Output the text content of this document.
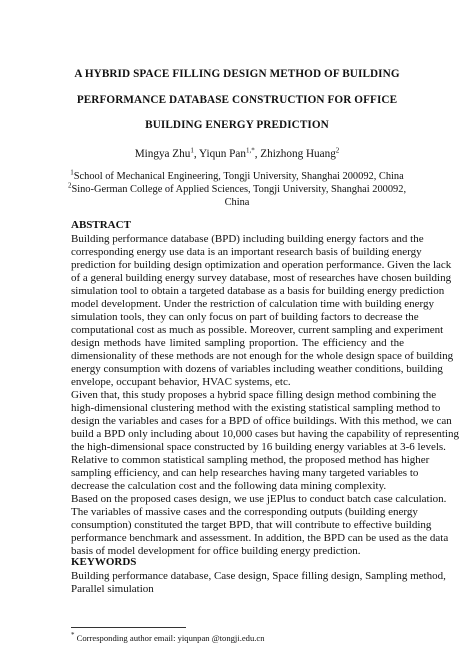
A HYBRID SPACE FILLING DESIGN METHOD OF BUILDING
PERFORMANCE DATABASE CONSTRUCTION FOR OFFICE
BUILDING ENERGY PREDICTION
Mingya Zhu$^1$, Yiqun Pan$^{1,*}$, Zhizhong Huang$^2$
$^1$School of Mechanical Engineering, Tongji University, Shanghai 200092, China
$^2$Sino-German College of Applied Sciences, Tongji University, Shanghai 200092,
China
ABSTRACT
Building performance database (BPD) including building energy factors and the
corresponding energy use data is an important research basis of building energy
prediction for building design optimization and operation performance. Given the lack
of a general building energy survey database, most of researches have chosen building
simulation tool to obtain a targeted database as a basis for building energy prediction
model development. Under the restriction of calculation time with building energy
simulation tools, they can only focus on part of building factors to decrease the
computational cost as much as possible. Moreover, current sampling and experiment
design methods have limited sampling proportion. The efficiency and the
dimensionality of these methods are not enough for the whole design space of building
energy consumption with dozens of variables including weather conditions, building
envelope, occupant behavior, HVAC systems, etc.
Given that, this study proposes a hybrid space filling design method combining the
high-dimensional clustering method with the existing statistical sampling method to
design the variables and cases for a BPD of office buildings. With this method, we can
build a BPD only including about 10,000 cases but having the capability of representing
the high-dimensional space constructed by 16 building energy variables at 3-6 levels.
Relative to common statistical sampling method, the proposed method has higher
sampling efficiency, and can help researches having many targeted variables to
decrease the calculation cost and the following data mining complexity.
Based on the proposed cases design, we use jEPlus to conduct batch case calculation.
The variables of massive cases and the corresponding outputs (building energy
consumption) constituted the target BPD, that will contribute to effective building
performance benchmark and assessment. In addition, the BPD can be used as the data
basis of model development for office building energy prediction.
KEYWORDS
Building performance database, Case design, Space filling design, Sampling method,
Parallel simulation
* Corresponding author email: yiqunpan @tongji.edu.cn
